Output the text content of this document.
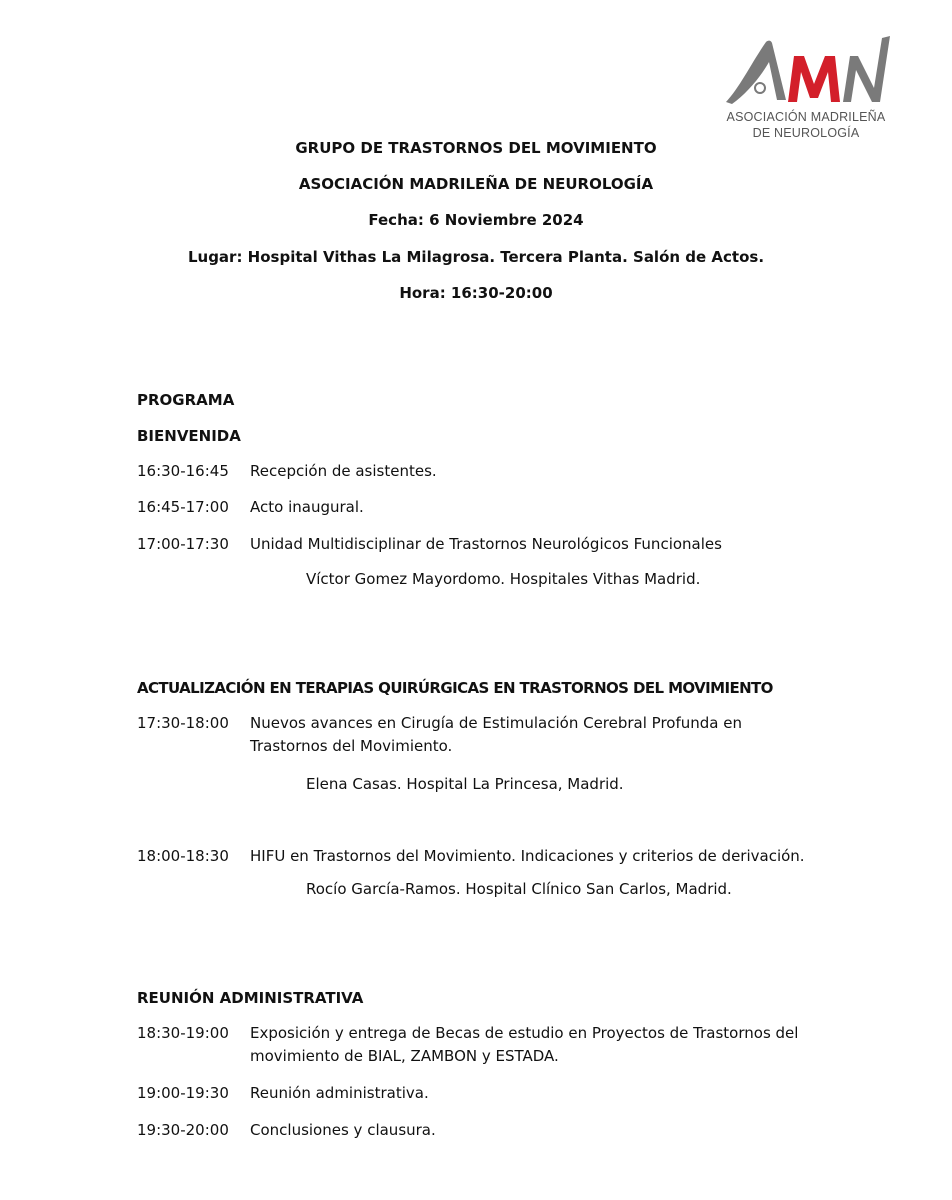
ASOCIACIÓN MADRILEÑA
DE NEUROLOGÍA
GRUPO DE TRASTORNOS DEL MOVIMIENTO
ASOCIACIÓN MADRILEÑA DE NEUROLOGÍA
Fecha: 6 Noviembre 2024
Lugar: Hospital Vithas La Milagrosa. Tercera Planta. Salón de Actos.
Hora: 16:30-20:00
PROGRAMA
BIENVENIDA
16:30-16:45 Recepción de asistentes.
16:45-17:00 Acto inaugural.
17:00-17:30 Unidad Multidisciplinar de Trastornos Neurológicos Funcionales
Víctor Gomez Mayordomo. Hospitales Vithas Madrid.
ACTUALIZACIÓN EN TERAPIAS QUIRÚRGICAS EN TRASTORNOS DEL MOVIMIENTO
17:30-18:00 Nuevos avances en Cirugía de Estimulación Cerebral Profunda en
Trastornos del Movimiento.
Elena Casas. Hospital La Princesa, Madrid.
18:00-18:30 HIFU en Trastornos del Movimiento. Indicaciones y criterios de derivación.
Rocío García-Ramos. Hospital Clínico San Carlos, Madrid.
REUNIÓN ADMINISTRATIVA
18:30-19:00 Exposición y entrega de Becas de estudio en Proyectos de Trastornos del
movimiento de BIAL, ZAMBON y ESTADA.
19:00-19:30 Reunión administrativa.
19:30-20:00 Conclusiones y clausura.
